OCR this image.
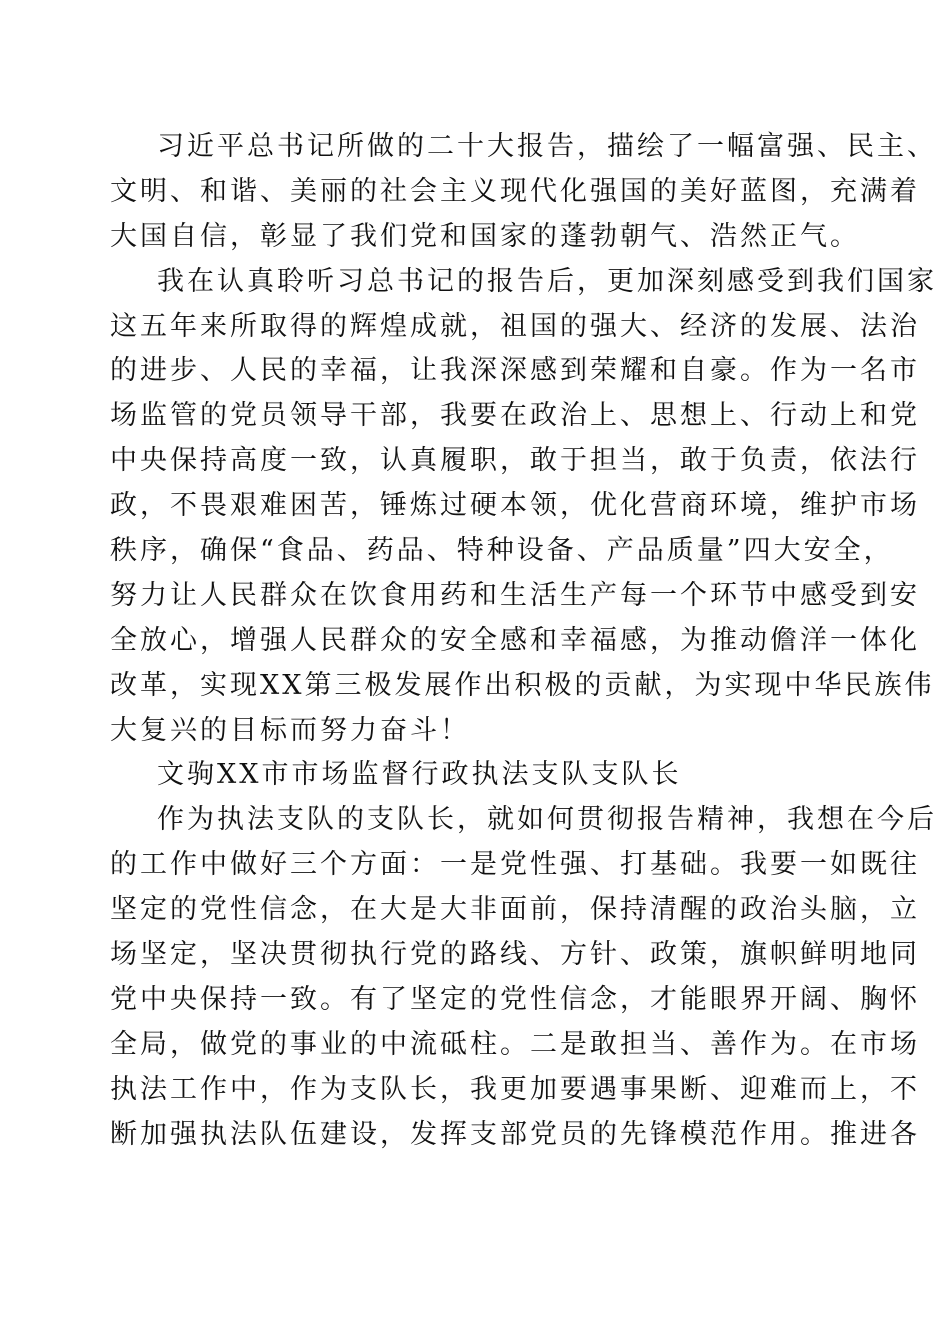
习近平总书记所做的二十大报告，描绘了一幅富强、民主、
文明、和谐、美丽的社会主义现代化强国的美好蓝图，充满着
大国自信，彰显了我们党和国家的蓬勃朝气、浩然正气。
我在认真聆听习总书记的报告后，更加深刻感受到我们国家
这五年来所取得的辉煌成就，祖国的强大、经济的发展、法治
的进步、人民的幸福，让我深深感到荣耀和自豪。作为一名市
场监管的党员领导干部，我要在政治上、思想上、行动上和党
中央保持高度一致，认真履职，敢于担当，敢于负责，依法行
政，不畏艰难困苦，锤炼过硬本领，优化营商环境，维护市场
秩序，确保“食品、药品、特种设备、产品质量”四大安全，
努力让人民群众在饮食用药和生活生产每一个环节中感受到安
全放心，增强人民群众的安全感和幸福感，为推动儋洋一体化
改革，实现XX第三极发展作出积极的贡献，为实现中华民族伟
大复兴的目标而努力奋斗！
文驹XX市市场监督行政执法支队支队长
作为执法支队的支队长，就如何贯彻报告精神，我想在今后
的工作中做好三个方面：一是党性强、打基础。我要一如既往
坚定的党性信念，在大是大非面前，保持清醒的政治头脑，立
场坚定，坚决贯彻执行党的路线、方针、政策，旗帜鲜明地同
党中央保持一致。有了坚定的党性信念，才能眼界开阔、胸怀
全局，做党的事业的中流砥柱。二是敢担当、善作为。在市场
执法工作中，作为支队长，我更加要遇事果断、迎难而上，不
断加强执法队伍建设，发挥支部党员的先锋模范作用。推进各
